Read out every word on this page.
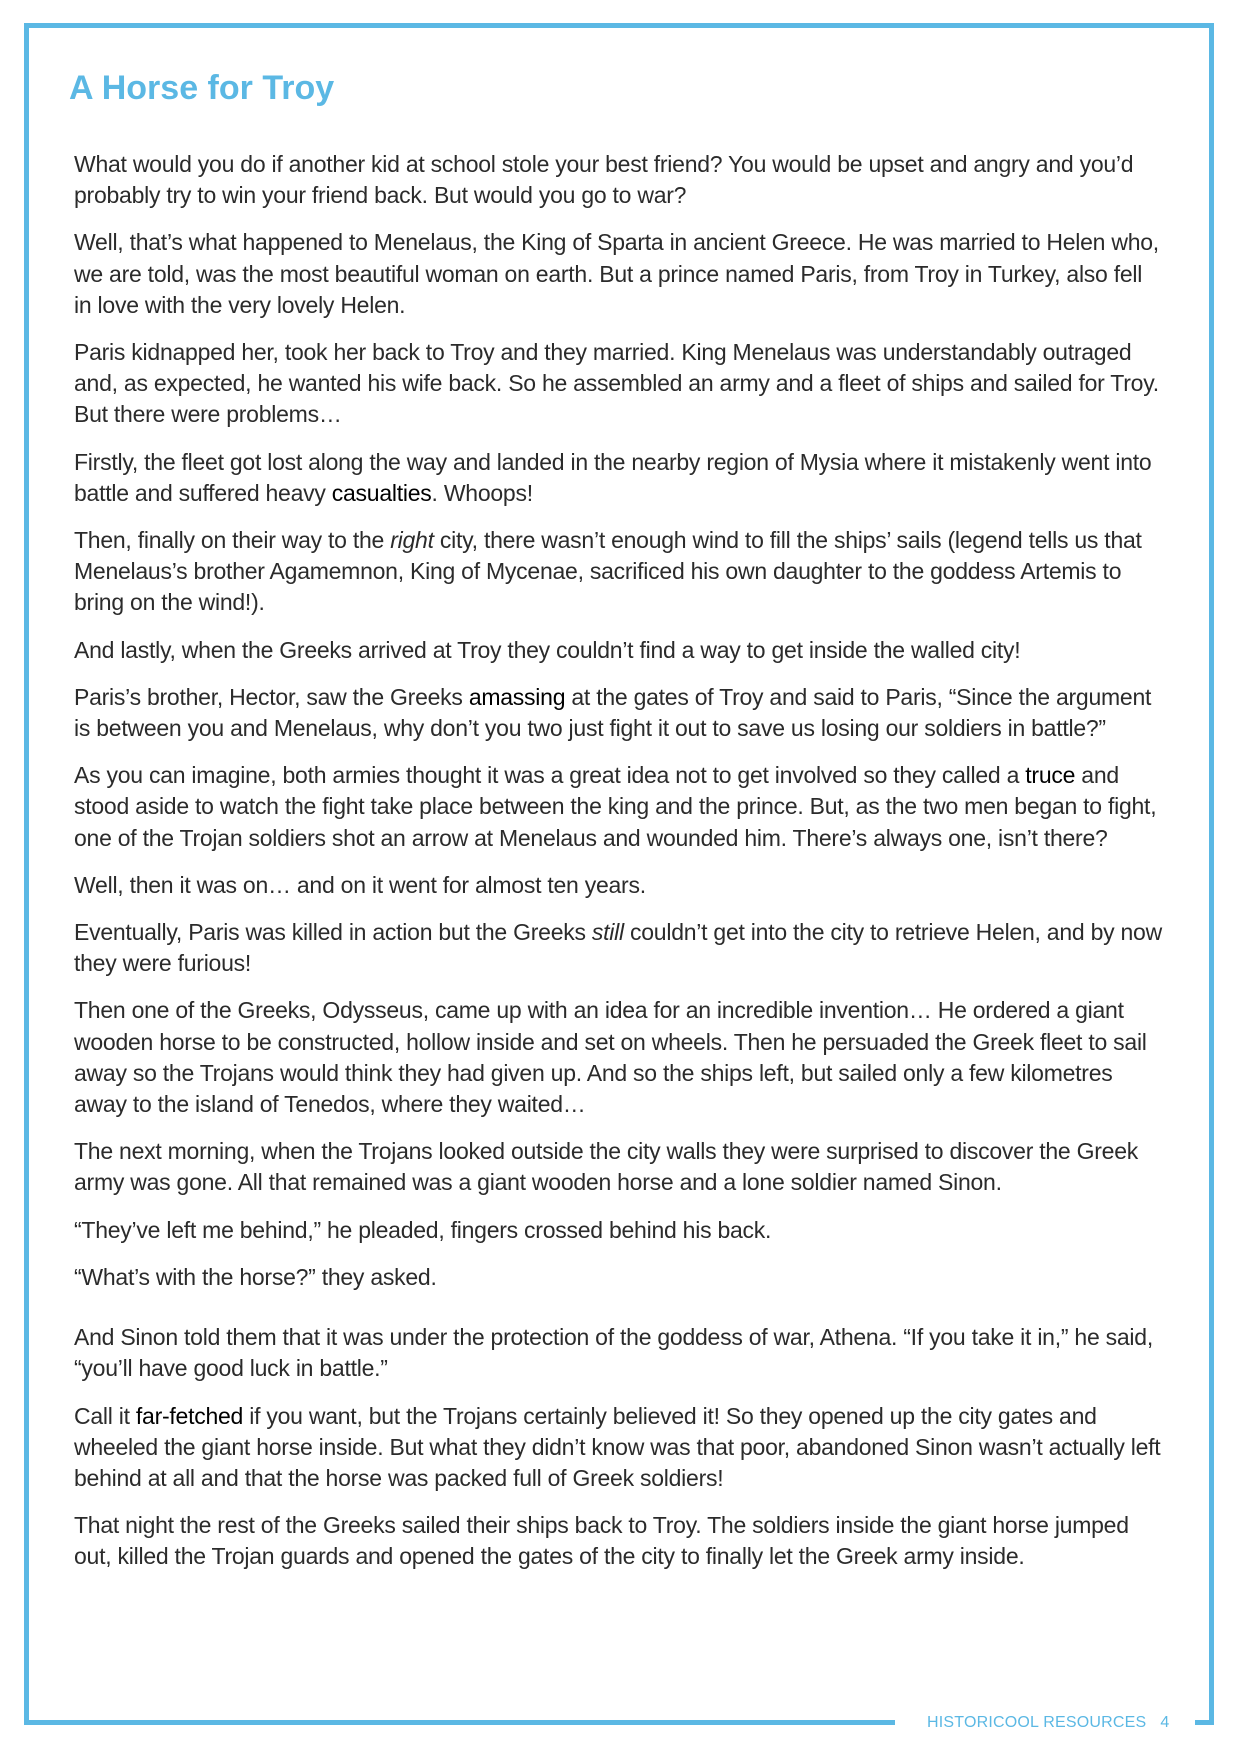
A Horse for Troy

What would you do if another kid at school stole your best friend? You would be upset and angry and you’d probably try to win your friend back. But would you go to war?

Well, that’s what happened to Menelaus, the King of Sparta in ancient Greece. He was married to Helen who, we are told, was the most beautiful woman on earth. But a prince named Paris, from Troy in Turkey, also fell in love with the very lovely Helen.

Paris kidnapped her, took her back to Troy and they married. King Menelaus was understandably outraged and, as expected, he wanted his wife back. So he assembled an army and a fleet of ships and sailed for Troy. But there were problems…

Firstly, the fleet got lost along the way and landed in the nearby region of Mysia where it mistakenly went into battle and suffered heavy casualties. Whoops!

Then, finally on their way to the right city, there wasn’t enough wind to fill the ships’ sails (legend tells us that Menelaus’s brother Agamemnon, King of Mycenae, sacrificed his own daughter to the goddess Artemis to bring on the wind!).

And lastly, when the Greeks arrived at Troy they couldn’t find a way to get inside the walled city!

Paris’s brother, Hector, saw the Greeks amassing at the gates of Troy and said to Paris, “Since the argument is between you and Menelaus, why don’t you two just fight it out to save us losing our soldiers in battle?”

As you can imagine, both armies thought it was a great idea not to get involved so they called a truce and stood aside to watch the fight take place between the king and the prince. But, as the two men began to fight, one of the Trojan soldiers shot an arrow at Menelaus and wounded him. There’s always one, isn’t there?

Well, then it was on… and on it went for almost ten years.

Eventually, Paris was killed in action but the Greeks still couldn’t get into the city to retrieve Helen, and by now they were furious!

Then one of the Greeks, Odysseus, came up with an idea for an incredible invention… He ordered a giant wooden horse to be constructed, hollow inside and set on wheels. Then he persuaded the Greek fleet to sail away so the Trojans would think they had given up. And so the ships left, but sailed only a few kilometres away to the island of Tenedos, where they waited…

The next morning, when the Trojans looked outside the city walls they were surprised to discover the Greek army was gone. All that remained was a giant wooden horse and a lone soldier named Sinon.

“They’ve left me behind,” he pleaded, fingers crossed behind his back.

“What’s with the horse?” they asked.

And Sinon told them that it was under the protection of the goddess of war, Athena. “If you take it in,” he said, “you’ll have good luck in battle.”

Call it far-fetched if you want, but the Trojans certainly believed it! So they opened up the city gates and wheeled the giant horse inside. But what they didn’t know was that poor, abandoned Sinon wasn’t actually left behind at all and that the horse was packed full of Greek soldiers!

That night the rest of the Greeks sailed their ships back to Troy. The soldiers inside the giant horse jumped out, killed the Trojan guards and opened the gates of the city to finally let the Greek army inside.

HISTORICOOL RESOURCES 4
